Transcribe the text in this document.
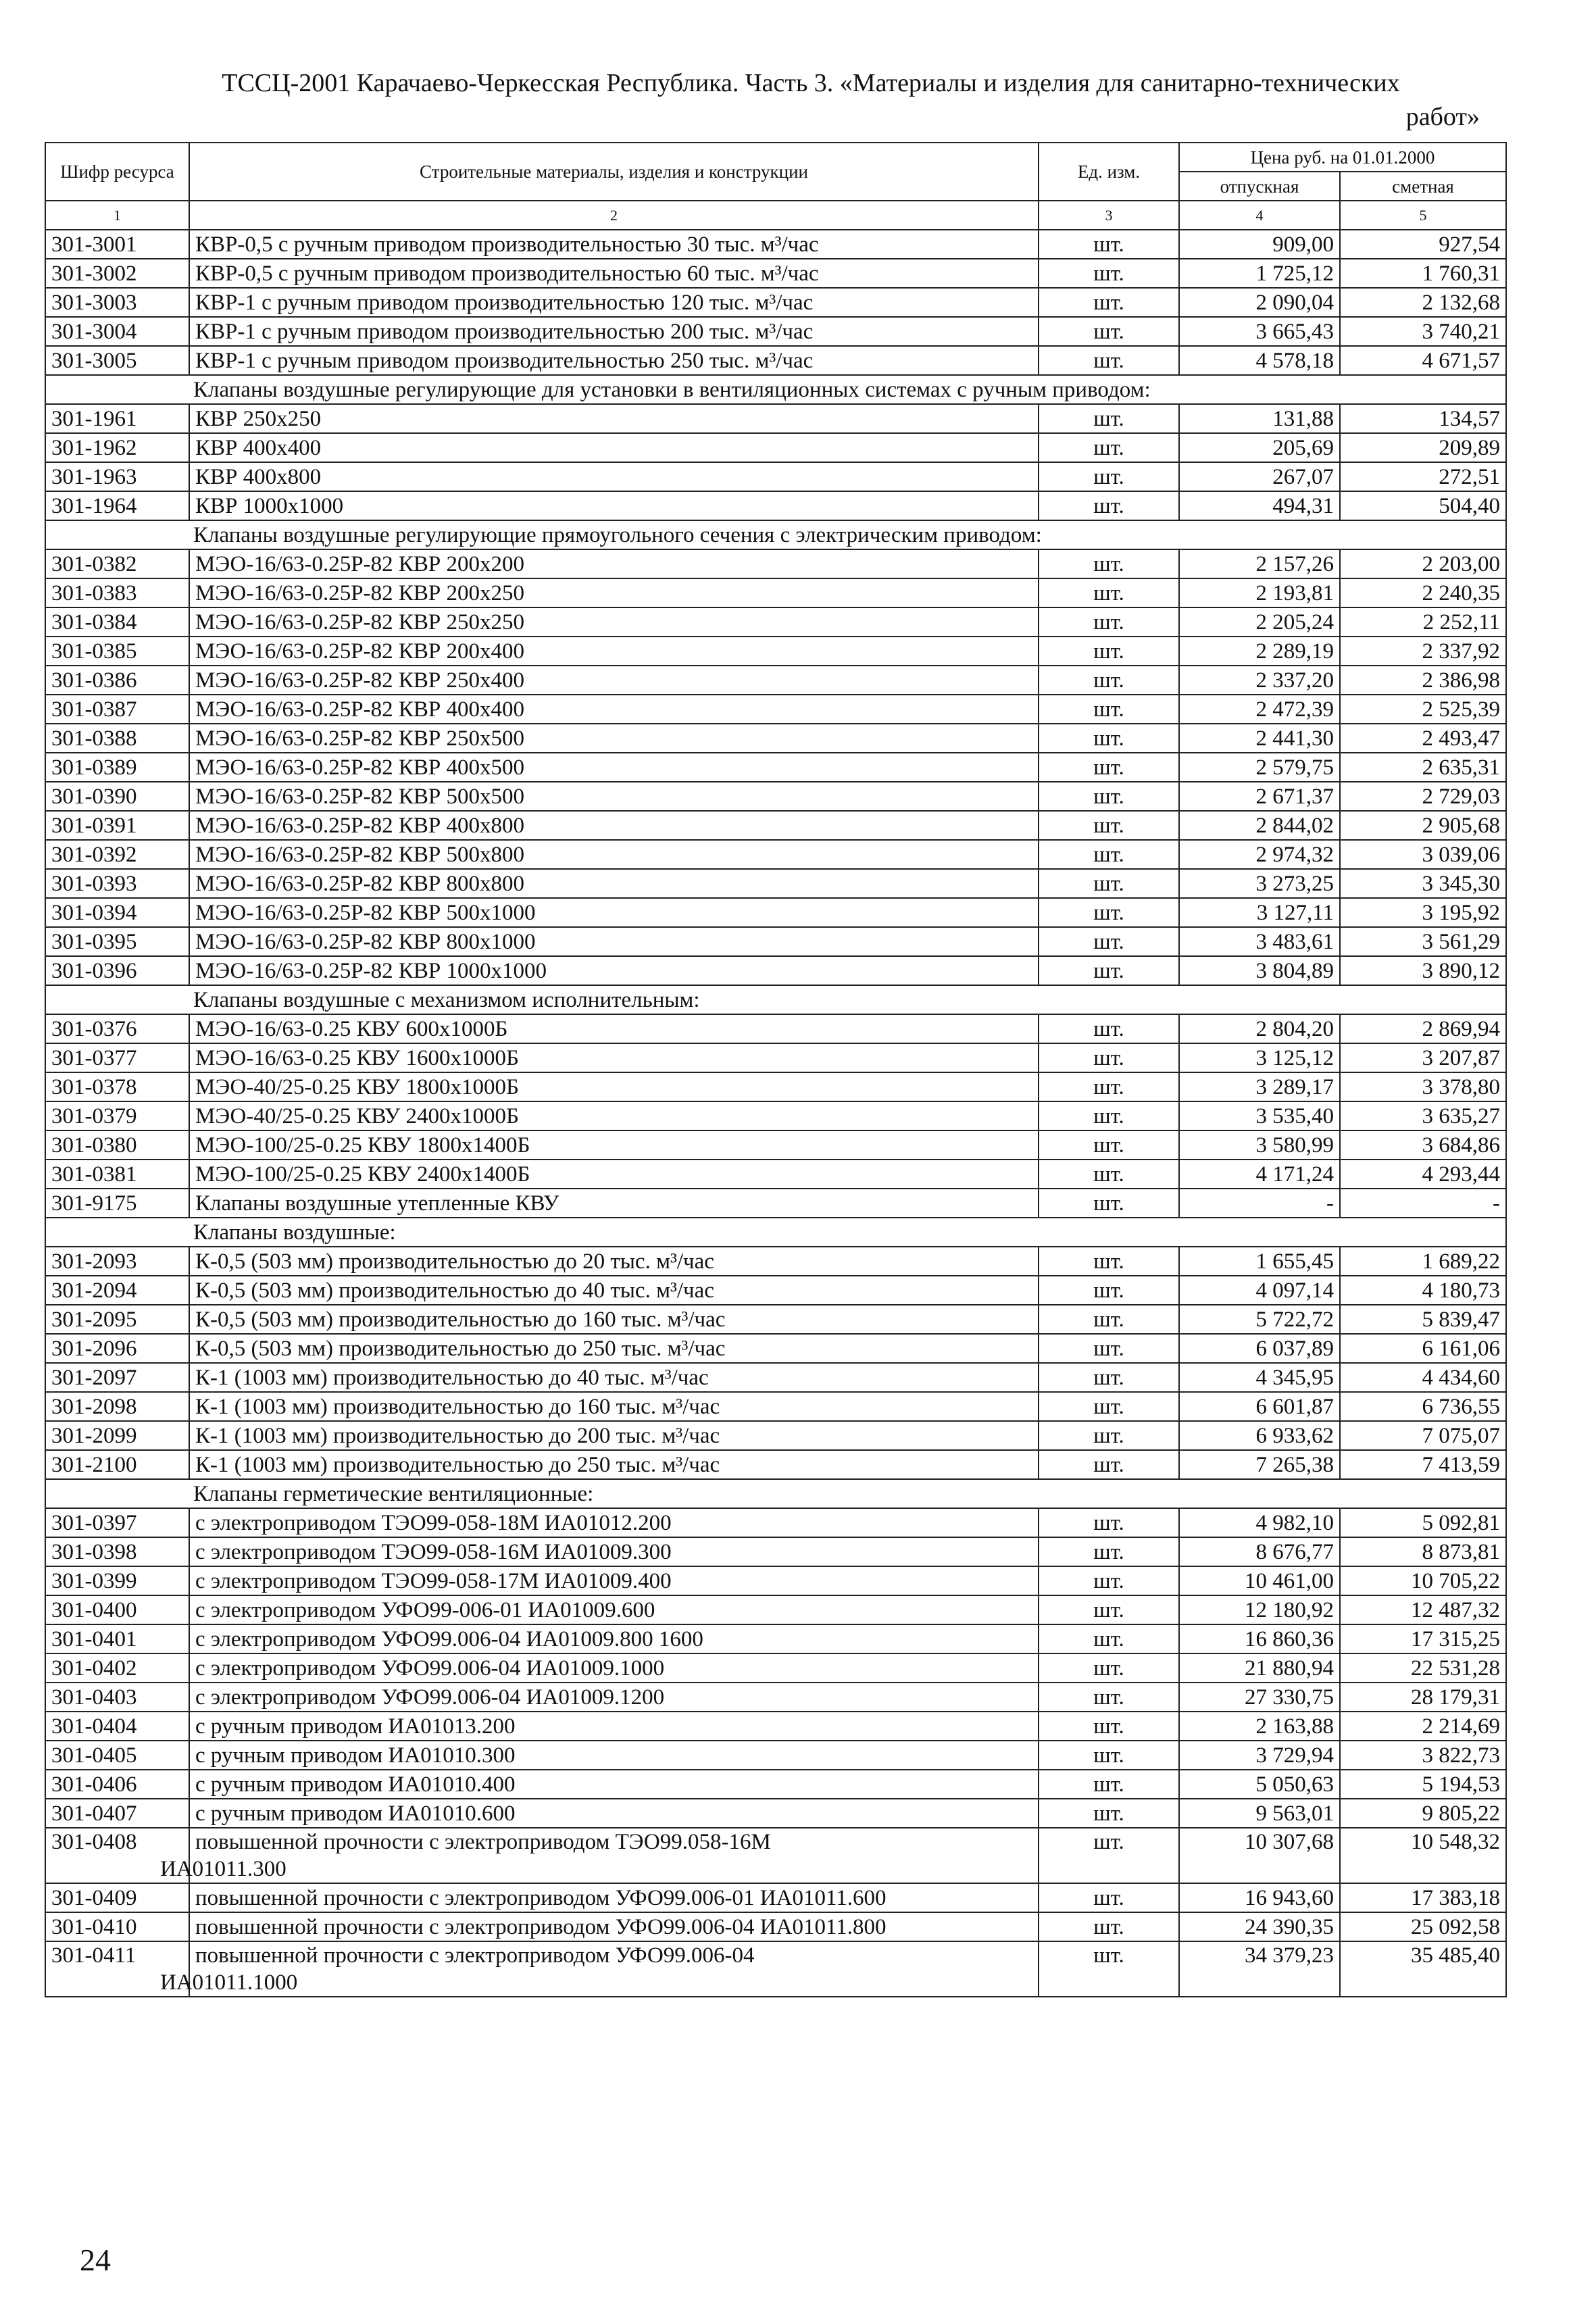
ТССЦ-2001 Карачаево-Черкесская Республика. Часть 3. «Материалы и изделия для санитарно-технических
работ»
Шифр ресурса	Строительные материалы, изделия и конструкции	Ед. изм.	Цена руб. на 01.01.2000	
			отпускная	сметная
1	2	3	4	5
301-3001	КВР-0,5 с ручным приводом производительностью 30 тыс. м³/час	шт.	909,00	927,54
301-3002	КВР-0,5 с ручным приводом производительностью 60 тыс. м³/час	шт.	1 725,12	1 760,31
301-3003	КВР-1 с ручным приводом производительностью 120 тыс. м³/час	шт.	2 090,04	2 132,68
301-3004	КВР-1 с ручным приводом производительностью 200 тыс. м³/час	шт.	3 665,43	3 740,21
301-3005	КВР-1 с ручным приводом производительностью 250 тыс. м³/час	шт.	4 578,18	4 671,57
Клапаны воздушные регулирующие для установки в вентиляционных системах с ручным приводом:				
301-1961	КВР 250х250	шт.	131,88	134,57
301-1962	КВР 400х400	шт.	205,69	209,89
301-1963	КВР 400х800	шт.	267,07	272,51
301-1964	КВР 1000х1000	шт.	494,31	504,40
Клапаны воздушные регулирующие прямоугольного сечения с электрическим приводом:				
301-0382	МЭО-16/63-0.25Р-82 КВР 200х200	шт.	2 157,26	2 203,00
301-0383	МЭО-16/63-0.25Р-82 КВР 200х250	шт.	2 193,81	2 240,35
301-0384	МЭО-16/63-0.25Р-82 КВР 250х250	шт.	2 205,24	2 252,11
301-0385	МЭО-16/63-0.25Р-82 КВР 200х400	шт.	2 289,19	2 337,92
301-0386	МЭО-16/63-0.25Р-82 КВР 250х400	шт.	2 337,20	2 386,98
301-0387	МЭО-16/63-0.25Р-82 КВР 400х400	шт.	2 472,39	2 525,39
301-0388	МЭО-16/63-0.25Р-82 КВР 250х500	шт.	2 441,30	2 493,47
301-0389	МЭО-16/63-0.25Р-82 КВР 400х500	шт.	2 579,75	2 635,31
301-0390	МЭО-16/63-0.25Р-82 КВР 500х500	шт.	2 671,37	2 729,03
301-0391	МЭО-16/63-0.25Р-82 КВР 400х800	шт.	2 844,02	2 905,68
301-0392	МЭО-16/63-0.25Р-82 КВР 500х800	шт.	2 974,32	3 039,06
301-0393	МЭО-16/63-0.25Р-82 КВР 800х800	шт.	3 273,25	3 345,30
301-0394	МЭО-16/63-0.25Р-82 КВР 500х1000	шт.	3 127,11	3 195,92
301-0395	МЭО-16/63-0.25Р-82 КВР 800х1000	шт.	3 483,61	3 561,29
301-0396	МЭО-16/63-0.25Р-82 КВР 1000х1000	шт.	3 804,89	3 890,12
Клапаны воздушные с механизмом исполнительным:				
301-0376	МЭО-16/63-0.25 КВУ 600х1000Б	шт.	2 804,20	2 869,94
301-0377	МЭО-16/63-0.25 КВУ 1600х1000Б	шт.	3 125,12	3 207,87
301-0378	МЭО-40/25-0.25 КВУ 1800х1000Б	шт.	3 289,17	3 378,80
301-0379	МЭО-40/25-0.25 КВУ 2400х1000Б	шт.	3 535,40	3 635,27
301-0380	МЭО-100/25-0.25 КВУ 1800х1400Б	шт.	3 580,99	3 684,86
301-0381	МЭО-100/25-0.25 КВУ 2400х1400Б	шт.	4 171,24	4 293,44
301-9175	Клапаны воздушные утепленные КВУ	шт.	-	-
Клапаны воздушные:				
301-2093	К-0,5 (503 мм) производительностью до 20 тыс. м³/час	шт.	1 655,45	1 689,22
301-2094	К-0,5 (503 мм) производительностью до 40 тыс. м³/час	шт.	4 097,14	4 180,73
301-2095	К-0,5 (503 мм) производительностью до 160 тыс. м³/час	шт.	5 722,72	5 839,47
301-2096	К-0,5 (503 мм) производительностью до 250 тыс. м³/час	шт.	6 037,89	6 161,06
301-2097	К-1 (1003 мм) производительностью до 40 тыс. м³/час	шт.	4 345,95	4 434,60
301-2098	К-1 (1003 мм) производительностью до 160 тыс. м³/час	шт.	6 601,87	6 736,55
301-2099	К-1 (1003 мм) производительностью до 200 тыс. м³/час	шт.	6 933,62	7 075,07
301-2100	К-1 (1003 мм) производительностью до 250 тыс. м³/час	шт.	7 265,38	7 413,59
Клапаны герметические вентиляционные:				
301-0397	с электроприводом ТЭО99-058-18М ИА01012.200	шт.	4 982,10	5 092,81
301-0398	с электроприводом ТЭО99-058-16М ИА01009.300	шт.	8 676,77	8 873,81
301-0399	с электроприводом ТЭО99-058-17М ИА01009.400	шт.	10 461,00	10 705,22
301-0400	с электроприводом УФО99-006-01 ИА01009.600	шт.	12 180,92	12 487,32
301-0401	с электроприводом УФО99.006-04 ИА01009.800 1600	шт.	16 860,36	17 315,25
301-0402	с электроприводом УФО99.006-04 ИА01009.1000	шт.	21 880,94	22 531,28
301-0403	с электроприводом УФО99.006-04 ИА01009.1200	шт.	27 330,75	28 179,31
301-0404	с ручным приводом ИА01013.200	шт.	2 163,88	2 214,69
301-0405	с ручным приводом ИА01010.300	шт.	3 729,94	3 822,73
301-0406	с ручным приводом ИА01010.400	шт.	5 050,63	5 194,53
301-0407	с ручным приводом ИА01010.600	шт.	9 563,01	9 805,22
301-0408	повышенной прочности с электроприводом ТЭО99.058-16М
ИА01011.300	шт.	10 307,68	10 548,32
301-0409	повышенной прочности с электроприводом УФО99.006-01 ИА01011.600	шт.	16 943,60	17 383,18
301-0410	повышенной прочности с электроприводом УФО99.006-04 ИА01011.800	шт.	24 390,35	25 092,58
301-0411	повышенной прочности с электроприводом УФО99.006-04
ИА01011.1000	шт.	34 379,23	35 485,40
24
